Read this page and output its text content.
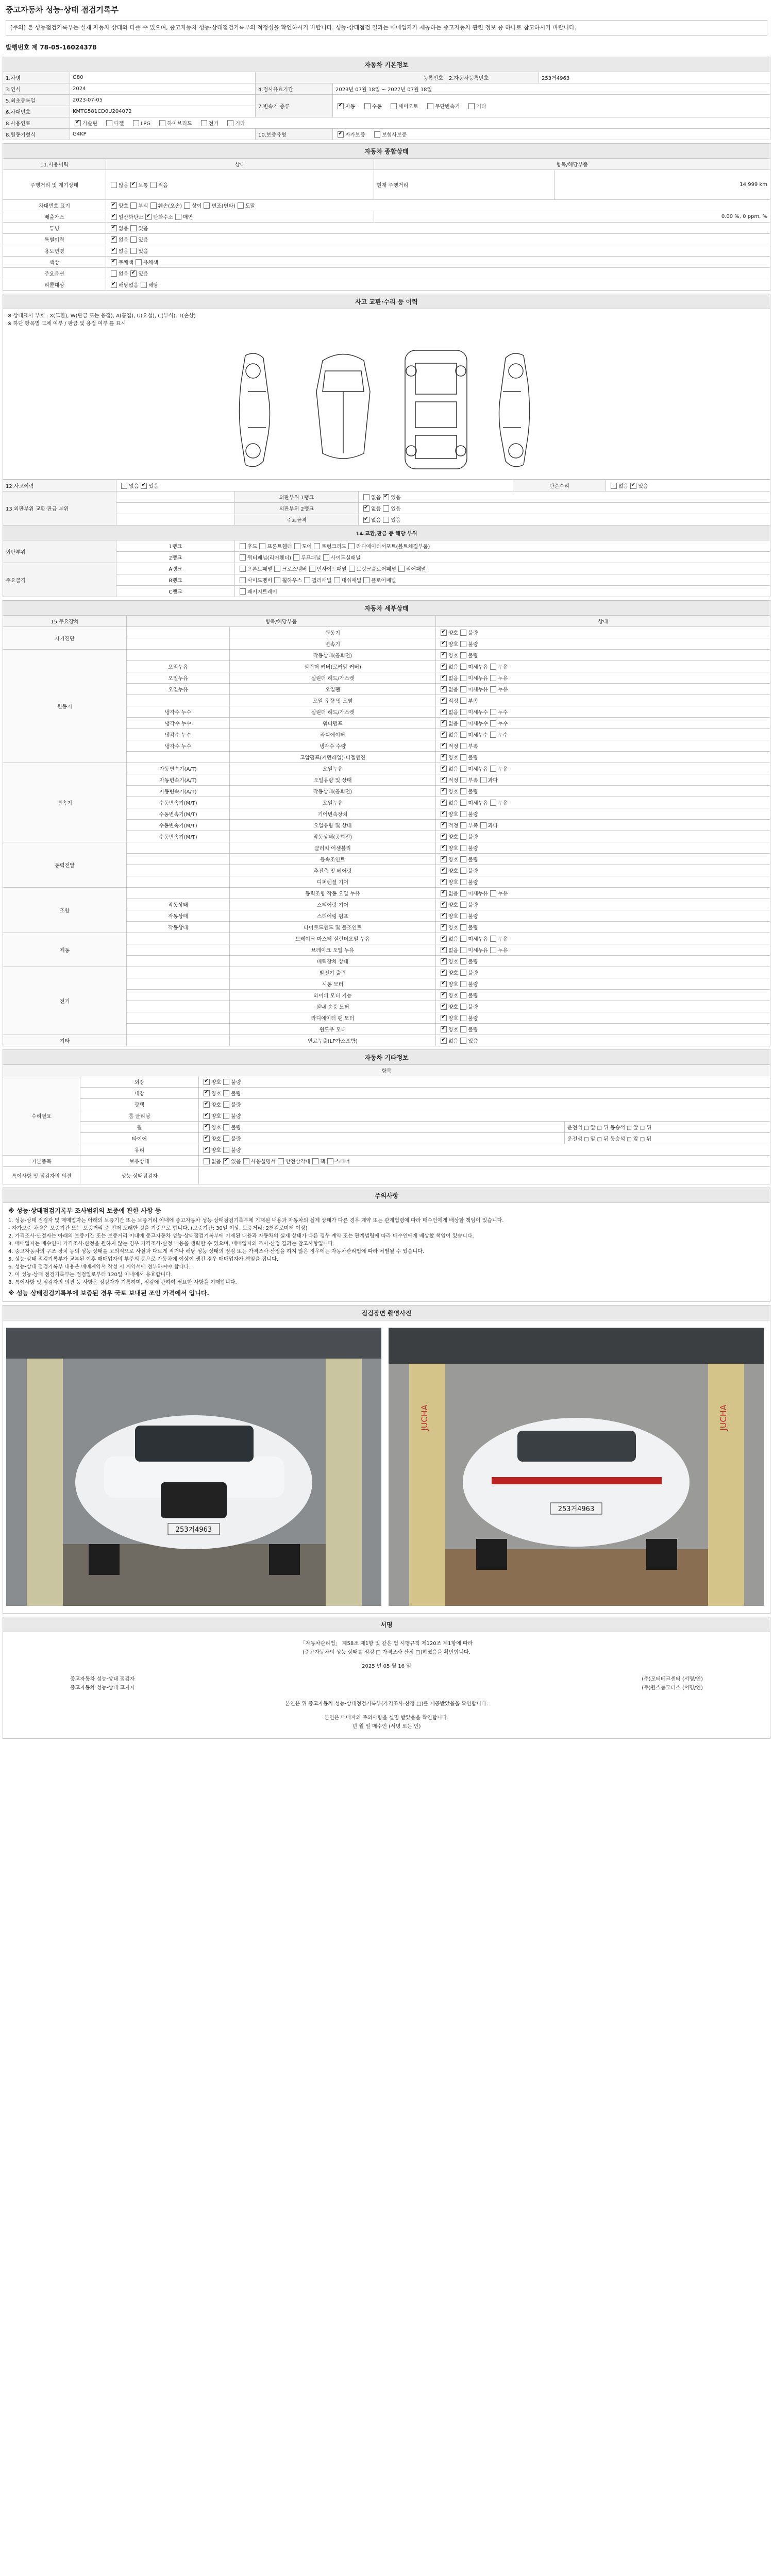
중고자동차 성능·상태 점검기록부
[주의] 본 성능점검기록부는 실제 자동차 상태와 다를 수 있으며, 중고자동차 성능·상태점검기록부의 적정성을 확인하시기 바랍니다. 성능·상태점검 결과는 매매업자가 제공하는 중고자동차 관련 정보 중 하나로 참고하시기 바랍니다.
발행번호 제 78-05-16024378
자동차 기본정보					
1.차명	G80	등록번호		2.자동차등록번호	253거4963
3.연식	2024	4.검사유효기간	2023년 07월 18일 ~ 2027년 07월 18일		
5.최초등록일	2023-07-05	7.변속기 종류	✔자동 수동 세미오토 무단변속기 기타
6.차대번호	KMTG581CD0U204072				
8.사용연료	✔가솔린 디젤 LPG 하이브리드 전기 기타
8.원동기형식	G4KP	10.보증유형	✔자가보증 보험사보증
자동차 종합상태			
11.사용이력	상태	항목/해당부품	
주행거리 및 계기상태	많음 ✔ 보통 적음	현재 주행거리	14,999 km
차대번호 표기	✔양호 부식 훼손(오손) 상이 변조(변타) 도말
배출가스	✔일산화탄소 ✔ 탄화수소 매연	0.00 %, 0 ppm, %	
튜닝	✔없음 있음
특별이력	✔없음 있음
용도변경	✔없음 있음
색상	✔무채색 유채색
주요옵션	없음 ✔ 있음
리콜대상	✔해당없음 해당
사고 교환·수리 등 이력
※ 상태표시 부호 : X(교환), W(판금 또는 용접), A(흠집), U(요철), C(부식), T(손상)
※ 하단 항목별 교체 여부 / 판금 및 용접 여부 를 표시
12.사고이력	없음 ✔ 있음			단순수리	없음 ✔ 있음
13.외판부위 교환·판금 부위		외판부위 1랭크	없음 ✔ 있음
		외판부위 2랭크	✔없음 있음
		주요골격	✔없음 있음
14.교환,판금 등 해당 부위					
외판부위	1랭크	후드 프론트휀더 도어 트렁크리드 라디에이터서포트(볼트체결부품)			
	2랭크	쿼터패널(리어휀더) 루프패널 사이드실패널			
주요골격	A랭크	프론트패널 크로스멤버 인사이드패널 트렁크플로어패널 리어패널			
	B랭크	사이드멤버 휠하우스 필러패널 대쉬패널 플로어패널			
	C랭크	패키지트레이			
자동차 세부상태			
15.주요장치	항목/해당부품		상태
자기진단		원동기	✔양호 불량
		변속기	✔양호 불량
원동기		작동상태(공회전)	✔양호 불량
	오일누유	실린더 커버(로커암 커버)	✔없음 미세누유 누유
	오일누유	실린더 헤드/가스켓	✔없음 미세누유 누유
	오일누유	오일팬	✔없음 미세누유 누유
		오일 유량 및 오염	✔적정 부족
	냉각수 누수	실린더 헤드/가스켓	✔없음 미세누수 누수
	냉각수 누수	워터펌프	✔없음 미세누수 누수
	냉각수 누수	라디에이터	✔없음 미세누수 누수
	냉각수 누수	냉각수 수량	✔적정 부족
		고압펌프(커먼레일)-디젤엔진	✔양호 불량
변속기	자동변속기(A/T)	오일누유	✔없음 미세누유 누유
	자동변속기(A/T)	오일유량 및 상태	✔적정 부족 과다
	자동변속기(A/T)	작동상태(공회전)	✔양호 불량
	수동변속기(M/T)	오일누유	✔없음 미세누유 누유
	수동변속기(M/T)	기어변속장치	✔양호 불량
	수동변속기(M/T)	오일유량 및 상태	✔적정 부족 과다
	수동변속기(M/T)	작동상태(공회전)	✔양호 불량
동력전달		클러치 어셈블리	✔양호 불량
		등속조인트	✔양호 불량
		추진축 및 베어링	✔양호 불량
		디퍼렌셜 기어	✔양호 불량
조향		동력조향 작동 오일 누유	✔없음 미세누유 누유
	작동상태	스티어링 기어	✔양호 불량
	작동상태	스티어링 펌프	✔양호 불량
	작동상태	타이로드엔드 및 볼조인트	✔양호 불량
제동		브레이크 마스터 실린더오일 누유	✔없음 미세누유 누유
		브레이크 오일 누유	✔없음 미세누유 누유
		배력장치 상태	✔양호 불량
전기		발전기 출력	✔양호 불량
		시동 모터	✔양호 불량
		와이퍼 모터 기능	✔양호 불량
		실내 송풍 모터	✔양호 불량
		라디에이터 팬 모터	✔양호 불량
		윈도우 모터	✔양호 불량
기타		연료누출(LP가스포함)	✔없음 있음
자동차 기타정보			
항목			
수리필요	외장	✔양호 불량
	내장	✔양호 불량
	광택	✔양호 불량
	룸 클리닝	✔양호 불량
	휠	✔양호 불량	운전석 □ 앞 □ 뒤 동승석 □ 앞 □ 뒤
	타이어	✔양호 불량	운전석 □ 앞 □ 뒤 동승석 □ 앞 □ 뒤
	유리	✔양호 불량
기본품목	보유상태	없음 ✔ 있음 사용설명서 안전삼각대 잭 스패너
특이사항 및 점검자의 의견	성능·상태점검자		
주의사항
※ 성능·상태점검기록부 조사범위의 보증에 관한 사항 등
1. 성능·상태 점검자 및 매매업자는 아래의 보증기간 또는 보증거리 이내에 중고자동차 성능·상태점검기록부에 기재된 내용과 자동차의 실제 상태가 다른 경우 계약 또는 관계법령에 따라 매수인에게 배상할 책임이 있습니다.
- 자가보증 차량은 보증기간 또는 보증거리 중 먼저 도래한 것을 기준으로 합니다. (보증기간: 30일 이상, 보증거리: 2천킬로미터 이상)
2. 가격조사·산정자는 아래의 보증기간 또는 보증거리 이내에 중고자동차 성능·상태점검기록부에 기재된 내용과 자동차의 실제 상태가 다른 경우 계약 또는 관계법령에 따라 매수인에게 배상할 책임이 있습니다.
3. 매매업자는 매수인이 가격조사·산정을 원하지 않는 경우 가격조사·산정 내용을 생략할 수 있으며, 매매업자의 조사·산정 결과는 참고사항입니다.
4. 중고자동차의 구조·장치 등의 성능·상태를 고의적으로 사실과 다르게 적거나 해당 성능·상태의 점검 또는 가격조사·산정을 하지 않은 경우에는 자동차관리법에 따라 처벌될 수 있습니다.
5. 성능·상태 점검기록부가 교부된 이후 매매업자의 부주의 등으로 자동차에 이상이 생긴 경우 매매업자가 책임을 집니다.
6. 성능·상태 점검기록부 내용은 매매계약서 작성 시 계약서에 첨부하여야 합니다.
7. 이 성능·상태 점검기록부는 점검일로부터 120일 이내에서 유효합니다.
8. 특이사항 및 점검자의 의견 등 사항은 점검자가 기록하며, 점검에 관하여 필요한 사항을 기재합니다.
※ 성능 상태점검기록부에 보증된 경우 국토 보내된 조인 가격에서 입니다.
점검장면 촬영사진
253거4963
JUCHA	JUCHA
253거4963
서명
「자동차관리법」 제58조 제1항 및 같은 법 시행규칙 제120조 제1항에 따라
(중고자동차의 성능·상태를 점검 □ 가격조사·산정 □)하였음을 확인합니다.
2025 년 05 월 16 일
중고자동차 성능·상태 점검자	(주)모터테크센터 (서명/인)
중고자동차 성능·상태 고지자	(주)원스톱모터스 (서명/인)
본인은 위 중고자동차 성능·상태점검기록부(가격조사·산정 □)를 제공받았음을 확인합니다.
본인은 매매자의 주의사항을 설명 받았음을 확인합니다.
년 월 일 매수인 (서명 또는 인)
